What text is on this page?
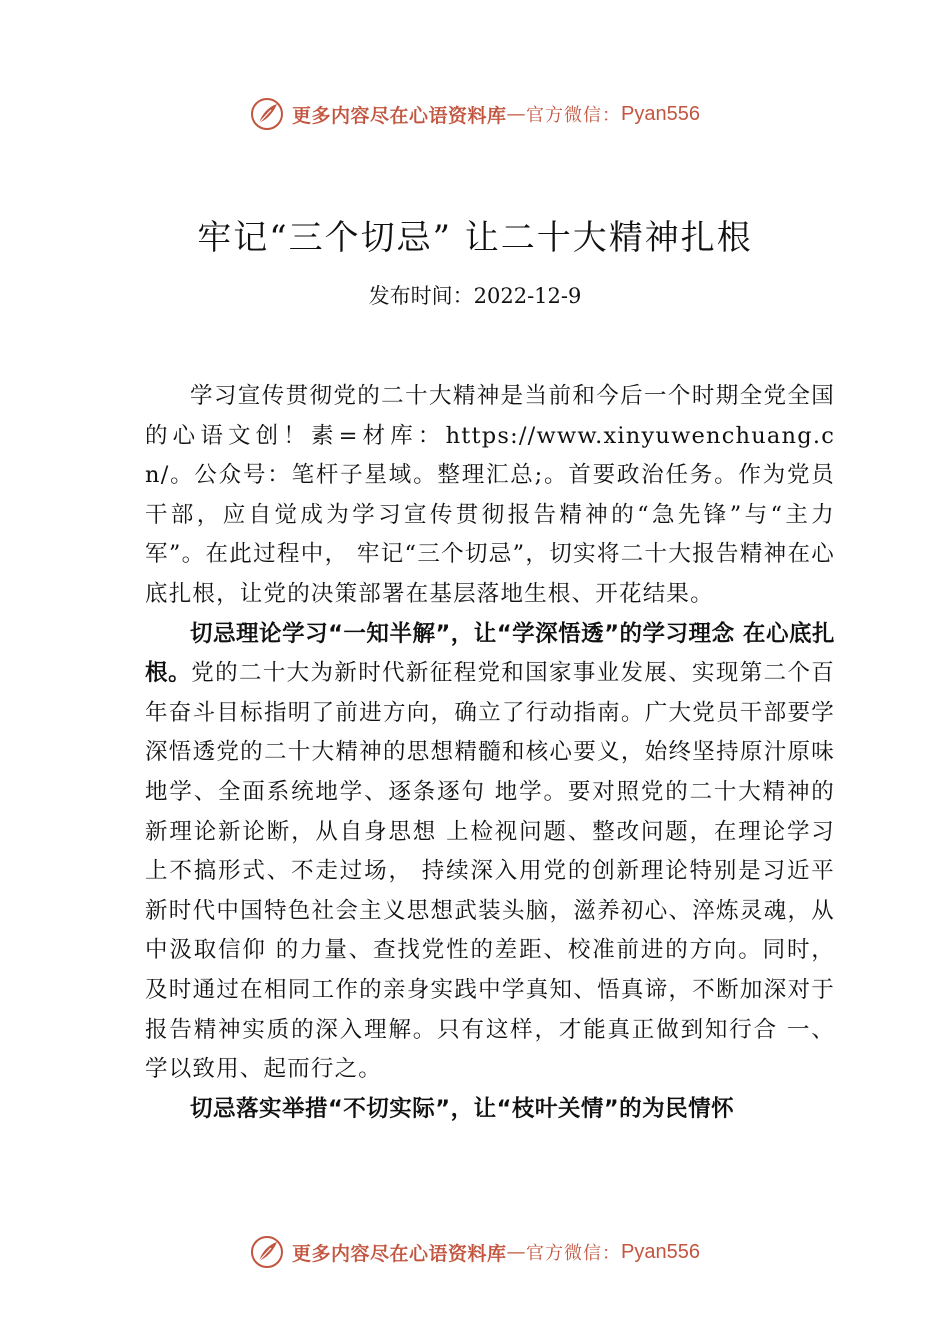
更多内容尽在心语资料库 — 官方微信： Pyan556
牢记“三个切忌” 让二十大精神扎根
发布时间：2022-12-9

学习宣传贯彻党的二十大精神是当前和今后一个时期全党全国的心语文创！素=材库：https://www.xinyuwenchuang.cn/。公众号：笔杆子星域。整理汇总;。首要政治任务。作为党员干部，应自觉成为学习宣传贯彻报告精神的“急先锋”与“主力军”。在此过程中， 牢记“三个切忌”，切实将二十大报告精神在心底扎根，让党的决策部署在基层落地生根、开花结果。

切忌理论学习“一知半解”，让“学深悟透”的学习理念 在心底扎根。党的二十大为新时代新征程党和国家事业发展、实现第二个百年奋斗目标指明了前进方向，确立了行动指南。广大党员干部要学深悟透党的二十大精神的思想精髓和核心要义，始终坚持原汁原味地学、全面系统地学、逐条逐句 地学。要对照党的二十大精神的新理论新论断，从自身思想 上检视问题、整改问题，在理论学习上不搞形式、不走过场， 持续深入用党的创新理论特别是习近平新时代中国特色社会主义思想武装头脑，滋养初心、淬炼灵魂，从中汲取信仰 的力量、查找党性的差距、校准前进的方向。同时，及时通过在相同工作的亲身实践中学真知、悟真谛，不断加深对于 报告精神实质的深入理解。只有这样，才能真正做到知行合 一、学以致用、起而行之。

切忌落实举措“不切实际”，让“枝叶关情”的为民情怀

更多内容尽在心语资料库 — 官方微信： Pyan556
